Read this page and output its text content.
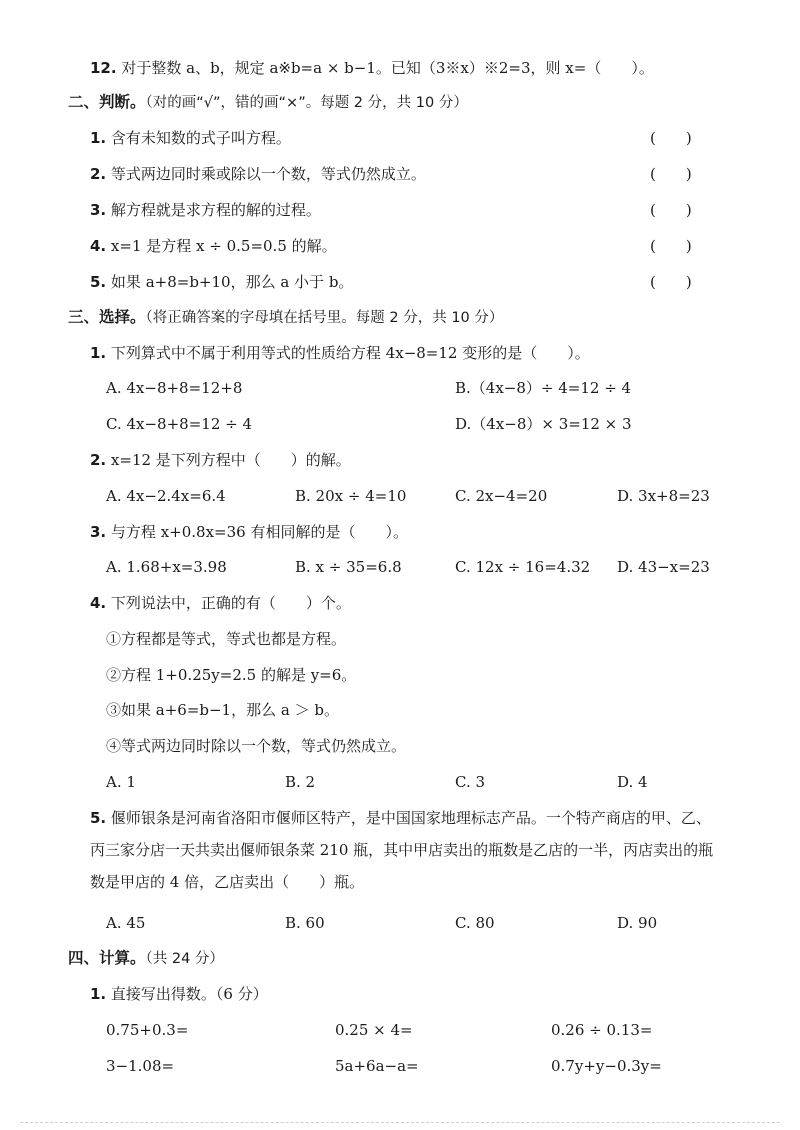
12. 对于整数 a、b，规定 a※b=a × b−1。已知（3※x）※2=3，则 x=（　　）。
二、判断。（对的画“√”，错的画“×”。每题 2 分，共 10 分）
1. 含有未知数的式子叫方程。	(　　)
2. 等式两边同时乘或除以一个数，等式仍然成立。	(　　)
3. 解方程就是求方程的解的过程。	(　　)
4. x=1 是方程 x ÷ 0.5=0.5 的解。	(　　)
5. 如果 a+8=b+10，那么 a 小于 b。	(　　)
三、选择。（将正确答案的字母填在括号里。每题 2 分，共 10 分）
1. 下列算式中不属于利用等式的性质给方程 4x−8=12 变形的是（　　）。
A. 4x−8+8=12+8	B.（4x−8）÷ 4=12 ÷ 4
C. 4x−8+8=12 ÷ 4	D.（4x−8）× 3=12 × 3
2. x=12 是下列方程中（　　）的解。
A. 4x−2.4x=6.4	B. 20x ÷ 4=10	C. 2x−4=20	D. 3x+8=23
3. 与方程 x+0.8x=36 有相同解的是（　　）。
A. 1.68+x=3.98	B. x ÷ 35=6.8	C. 12x ÷ 16=4.32 D. 43−x=23
4. 下列说法中，正确的有（　　）个。
①方程都是等式，等式也都是方程。
②方程 1+0.25y=2.5 的解是 y=6。
③如果 a+6=b−1，那么 a ＞ b。
④等式两边同时除以一个数，等式仍然成立。
A. 1	B. 2	C. 3	D. 4
5. 偃师银条是河南省洛阳市偃师区特产，是中国国家地理标志产品。一个特产商店的甲、乙、丙三家分店一天共卖出偃师银条菜 210 瓶，其中甲店卖出的瓶数是乙店的一半，丙店卖出的瓶数是甲店的 4 倍，乙店卖出（　　）瓶。
A. 45	B. 60	C. 80	D. 90
四、计算。（共 24 分）
1. 直接写出得数。（6 分）
0.75+0.3=	0.25 × 4=	0.26 ÷ 0.13=
3−1.08=	5a+6a−a=	0.7y+y−0.3y=
